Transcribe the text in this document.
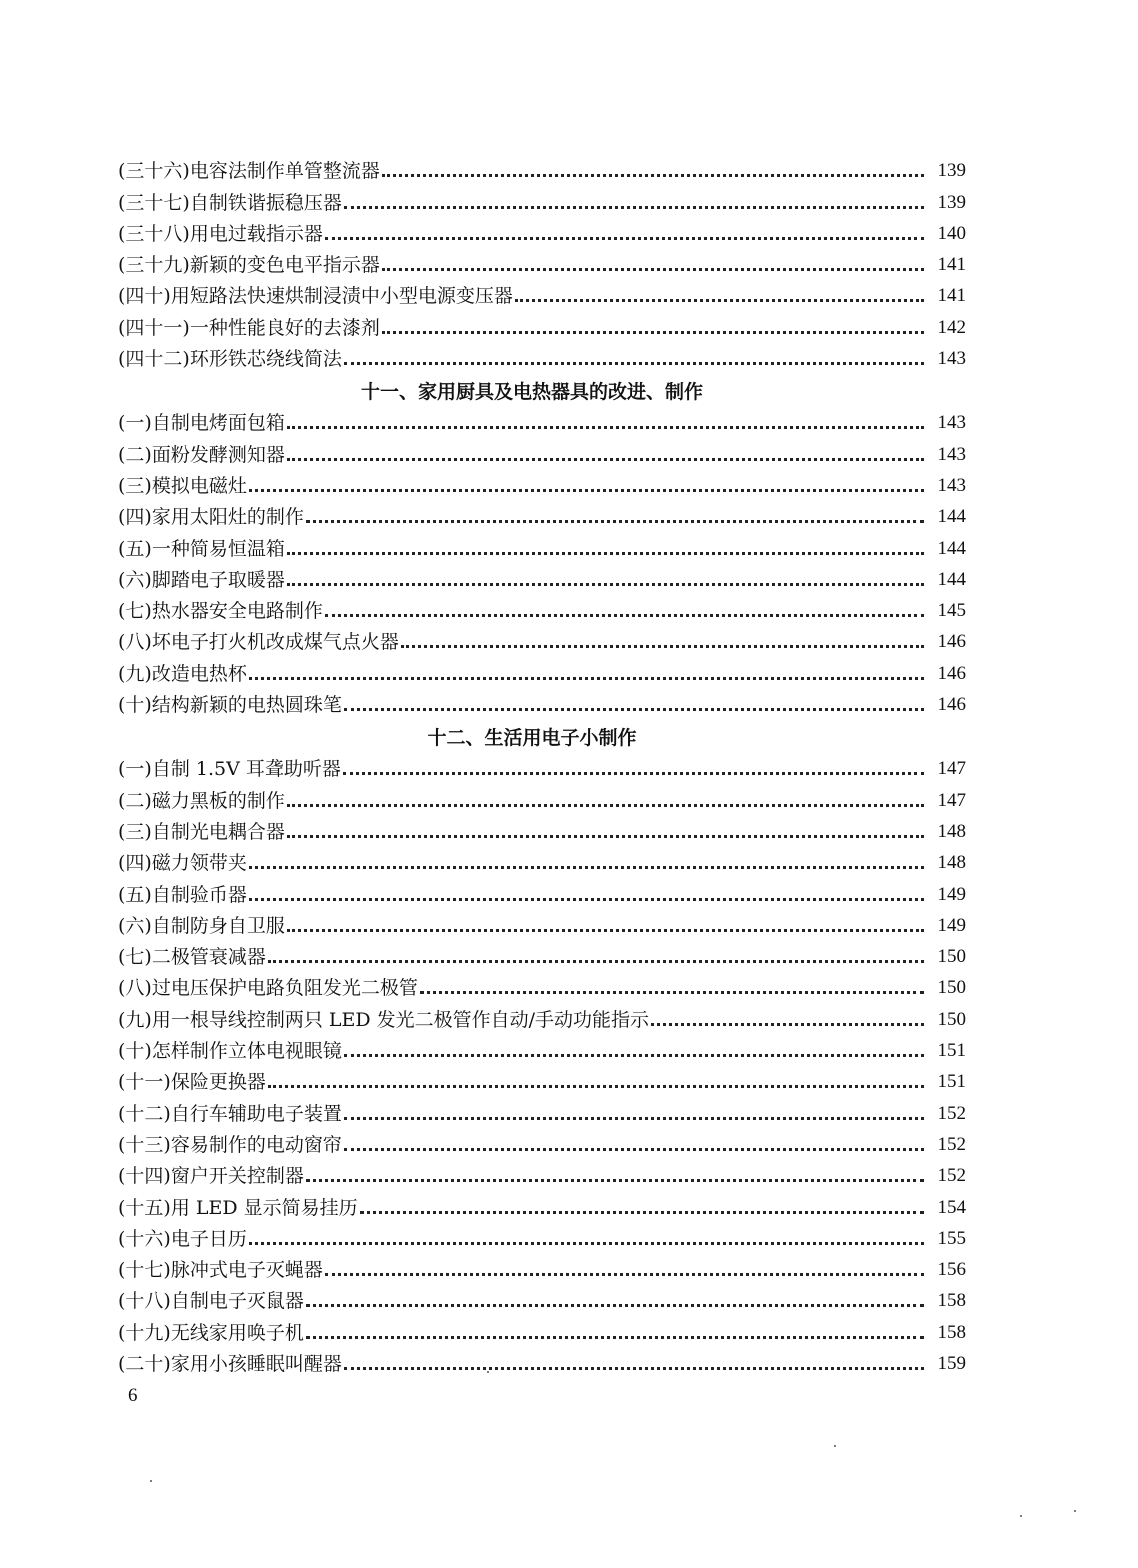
(三十六)电容法制作单管整流器	139
(三十七)自制铁谐振稳压器	139
(三十八)用电过载指示器	140
(三十九)新颖的变色电平指示器	141
(四十)用短路法快速烘制浸渍中小型电源变压器	141
(四十一)一种性能良好的去漆剂	142
(四十二)环形铁芯绕线简法	143
十一、家用厨具及电热器具的改进、制作
(一)自制电烤面包箱	143
(二)面粉发酵测知器	143
(三)模拟电磁灶	143
(四)家用太阳灶的制作	144
(五)一种简易恒温箱	144
(六)脚踏电子取暖器	144
(七)热水器安全电路制作	145
(八)坏电子打火机改成煤气点火器	146
(九)改造电热杯	146
(十)结构新颖的电热圆珠笔	146
十二、生活用电子小制作
(一)自制 1.5V 耳聋助听器	147
(二)磁力黑板的制作	147
(三)自制光电耦合器	148
(四)磁力领带夹	148
(五)自制验币器	149
(六)自制防身自卫服	149
(七)二极管衰减器	150
(八)过电压保护电路负阻发光二极管	150
(九)用一根导线控制两只 LED 发光二极管作自动/手动功能指示	150
(十)怎样制作立体电视眼镜	151
(十一)保险更换器	151
(十二)自行车辅助电子装置	152
(十三)容易制作的电动窗帘	152
(十四)窗户开关控制器	152
(十五)用 LED 显示简易挂历	154
(十六)电子日历	155
(十七)脉冲式电子灭蝇器	156
(十八)自制电子灭鼠器	158
(十九)无线家用唤子机	158
(二十)家用小孩睡眠叫醒器	159
6
